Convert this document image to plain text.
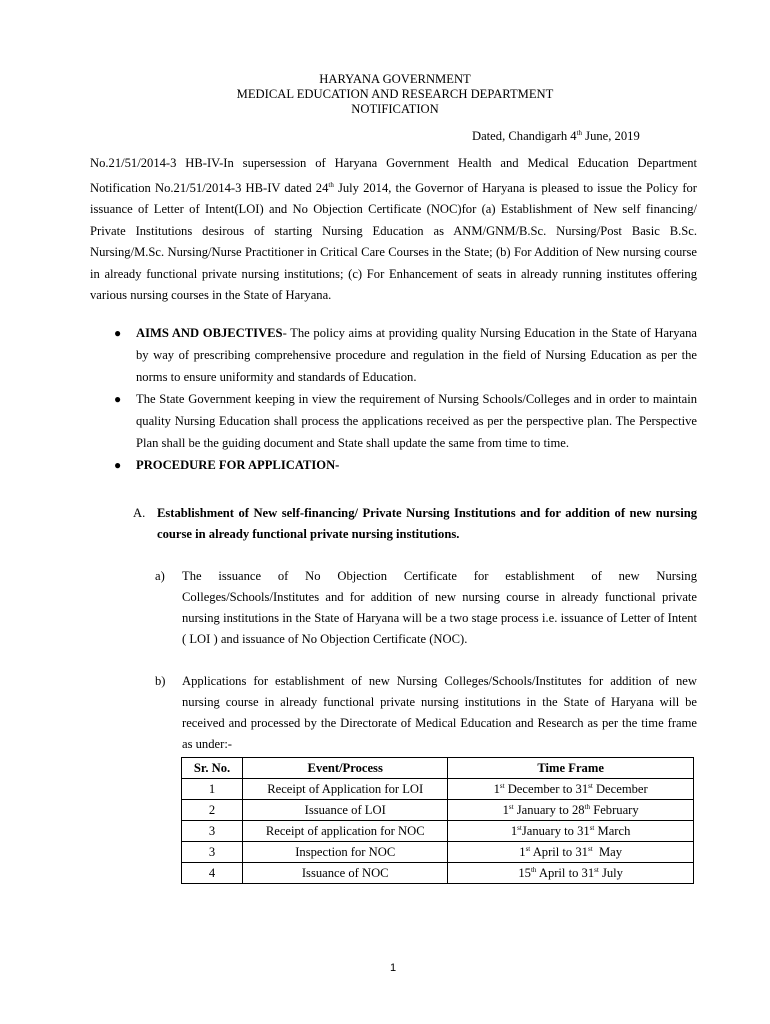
HARYANA GOVERNMENT
MEDICAL EDUCATION AND RESEARCH DEPARTMENT
NOTIFICATION
Dated, Chandigarh 4th June, 2019
No.21/51/2014-3 HB-IV-In supersession of Haryana Government Health and Medical Education Department Notification No.21/51/2014-3 HB-IV dated 24th July 2014, the Governor of Haryana is pleased to issue the Policy for issuance of Letter of Intent(LOI) and No Objection Certificate (NOC)for (a) Establishment of New self financing/ Private Institutions desirous of starting Nursing Education as ANM/GNM/B.Sc. Nursing/Post Basic B.Sc. Nursing/M.Sc. Nursing/Nurse Practitioner in Critical Care Courses in the State; (b) For Addition of New nursing course in already functional private nursing institutions; (c) For Enhancement of seats in already running institutes offering various nursing courses in the State of Haryana.
● AIMS AND OBJECTIVES- The policy aims at providing quality Nursing Education in the State of Haryana by way of prescribing comprehensive procedure and regulation in the field of Nursing Education as per the norms to ensure uniformity and standards of Education.
● The State Government keeping in view the requirement of Nursing Schools/Colleges and in order to maintain quality Nursing Education shall process the applications received as per the perspective plan. The Perspective Plan shall be the guiding document and State shall update the same from time to time.
● PROCEDURE FOR APPLICATION-
A. Establishment of New self-financing/ Private Nursing Institutions and for addition of new nursing course in already functional private nursing institutions.
a)	The issuance of No Objection Certificate for establishment of new Nursing Colleges/Schools/Institutes and for addition of new nursing course in already functional private nursing institutions in the State of Haryana will be a two stage process i.e. issuance of Letter of Intent ( LOI ) and issuance of No Objection Certificate (NOC).
b)	Applications for establishment of new Nursing Colleges/Schools/Institutes for addition of new nursing course in already functional private nursing institutions in the State of Haryana will be received and processed by the Directorate of Medical Education and Research as per the time frame as under:-
Sr. No.	Event/Process	Time Frame
1	Receipt of Application for LOI	1st December to 31st December
2	Issuance of LOI	1st January to 28th February
3	Receipt of application for NOC	1stJanuary to 31st March
3	Inspection for NOC	1st April to 31st  May
4	Issuance of NOC	15th April to 31st July
1
